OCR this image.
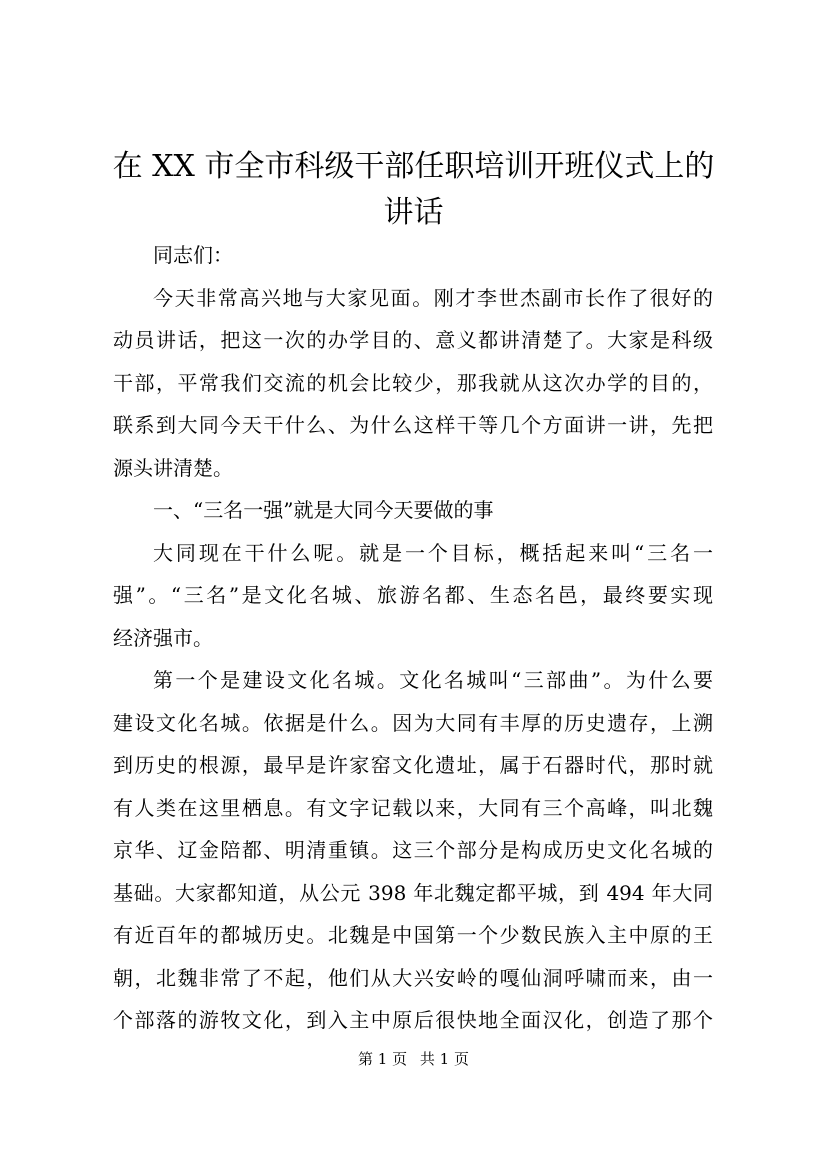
在 XX 市全市科级干部任职培训开班仪式上的
讲话
同志们：
今天非常高兴地与大家见面。刚才李世杰副市长作了很好的
动员讲话，把这一次的办学目的、意义都讲清楚了。大家是科级
干部，平常我们交流的机会比较少，那我就从这次办学的目的，
联系到大同今天干什么、为什么这样干等几个方面讲一讲，先把
源头讲清楚。
一、“三名一强”就是大同今天要做的事
大同现在干什么呢。就是一个目标，概括起来叫“三名一
强”。“三名”是文化名城、旅游名都、生态名邑，最终要实现
经济强市。
第一个是建设文化名城。文化名城叫“三部曲”。为什么要
建设文化名城。依据是什么。因为大同有丰厚的历史遗存，上溯
到历史的根源，最早是许家窑文化遗址，属于石器时代，那时就
有人类在这里栖息。有文字记载以来，大同有三个高峰，叫北魏
京华、辽金陪都、明清重镇。这三个部分是构成历史文化名城的
基础。大家都知道，从公元 398 年北魏定都平城，到 494 年大同
有近百年的都城历史。北魏是中国第一个少数民族入主中原的王
朝，北魏非常了不起，他们从大兴安岭的嘎仙洞呼啸而来，由一
个部落的游牧文化，到入主中原后很快地全面汉化，创造了那个
第 1 页 共 1 页
